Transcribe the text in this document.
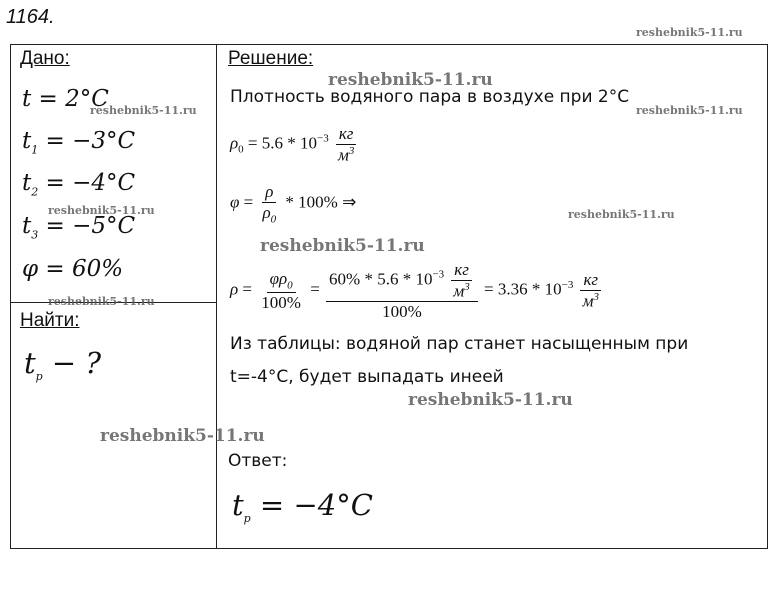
1164.
reshebnik5-11.ru
Дано:
t = 2°C
$t_1 = -3^\circ C$
$t_2 = -4^\circ C$
$t_3 = -5^\circ C$
φ = 60%
reshebnik5-11.ru
reshebnik5-11.ru
reshebnik5-11.ru
Найти:
$t_p$ − ?
Решение:
reshebnik5-11.ru
Плотность водяного пара в воздухе при 2°С
reshebnik5-11.ru
$\rho_0 = 5.6 * 10^{-3} \frac{кг}{м^3}$
$\varphi = \frac{\rho}{\rho_0} * 100\%$ ⇒
reshebnik5-11.ru
reshebnik5-11.ru
$\rho = \frac{\varphi\rho_0}{100\%} = \frac{60\% * 5.6 * 10^{-3} \frac{кг}{м^3}}{100\%} = 3.36 * 10^{-3} \frac{кг}{м^3}$
Из таблицы: водяной пар станет насыщенным при
t=-4°C, будет выпадать инеей
reshebnik5-11.ru
reshebnik5-11.ru
Ответ:
$t_p = -4^\circ C$
